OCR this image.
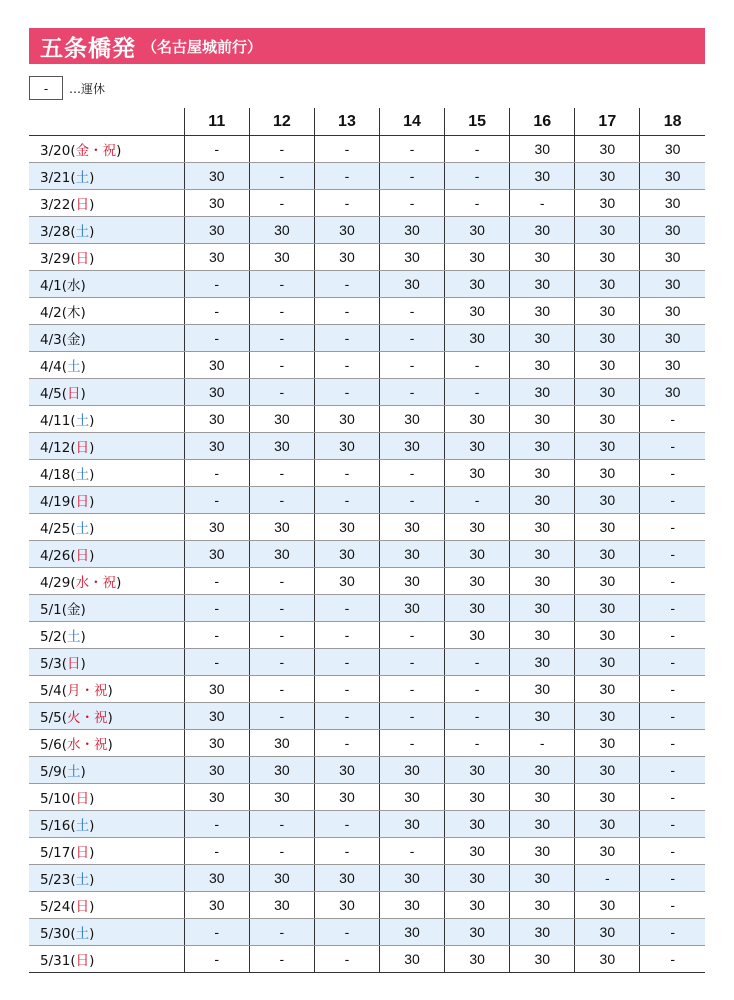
五条橋発 （名古屋城前行）
-	…運休
	11	12	13	14	15	16	17	18
3/20(金・祝)	-	-	-	-	-	30	30	30
3/21(土)	30	-	-	-	-	30	30	30
3/22(日)	30	-	-	-	-	-	30	30
3/28(土)	30	30	30	30	30	30	30	30
3/29(日)	30	30	30	30	30	30	30	30
4/1(水)	-	-	-	30	30	30	30	30
4/2(木)	-	-	-	-	30	30	30	30
4/3(金)	-	-	-	-	30	30	30	30
4/4(土)	30	-	-	-	-	30	30	30
4/5(日)	30	-	-	-	-	30	30	30
4/11(土)	30	30	30	30	30	30	30	-
4/12(日)	30	30	30	30	30	30	30	-
4/18(土)	-	-	-	-	30	30	30	-
4/19(日)	-	-	-	-	-	30	30	-
4/25(土)	30	30	30	30	30	30	30	-
4/26(日)	30	30	30	30	30	30	30	-
4/29(水・祝)	-	-	30	30	30	30	30	-
5/1(金)	-	-	-	30	30	30	30	-
5/2(土)	-	-	-	-	30	30	30	-
5/3(日)	-	-	-	-	-	30	30	-
5/4(月・祝)	30	-	-	-	-	30	30	-
5/5(火・祝)	30	-	-	-	-	30	30	-
5/6(水・祝)	30	30	-	-	-	-	30	-
5/9(土)	30	30	30	30	30	30	30	-
5/10(日)	30	30	30	30	30	30	30	-
5/16(土)	-	-	-	30	30	30	30	-
5/17(日)	-	-	-	-	30	30	30	-
5/23(土)	30	30	30	30	30	30	-	-
5/24(日)	30	30	30	30	30	30	30	-
5/30(土)	-	-	-	30	30	30	30	-
5/31(日)	-	-	-	30	30	30	30	-
